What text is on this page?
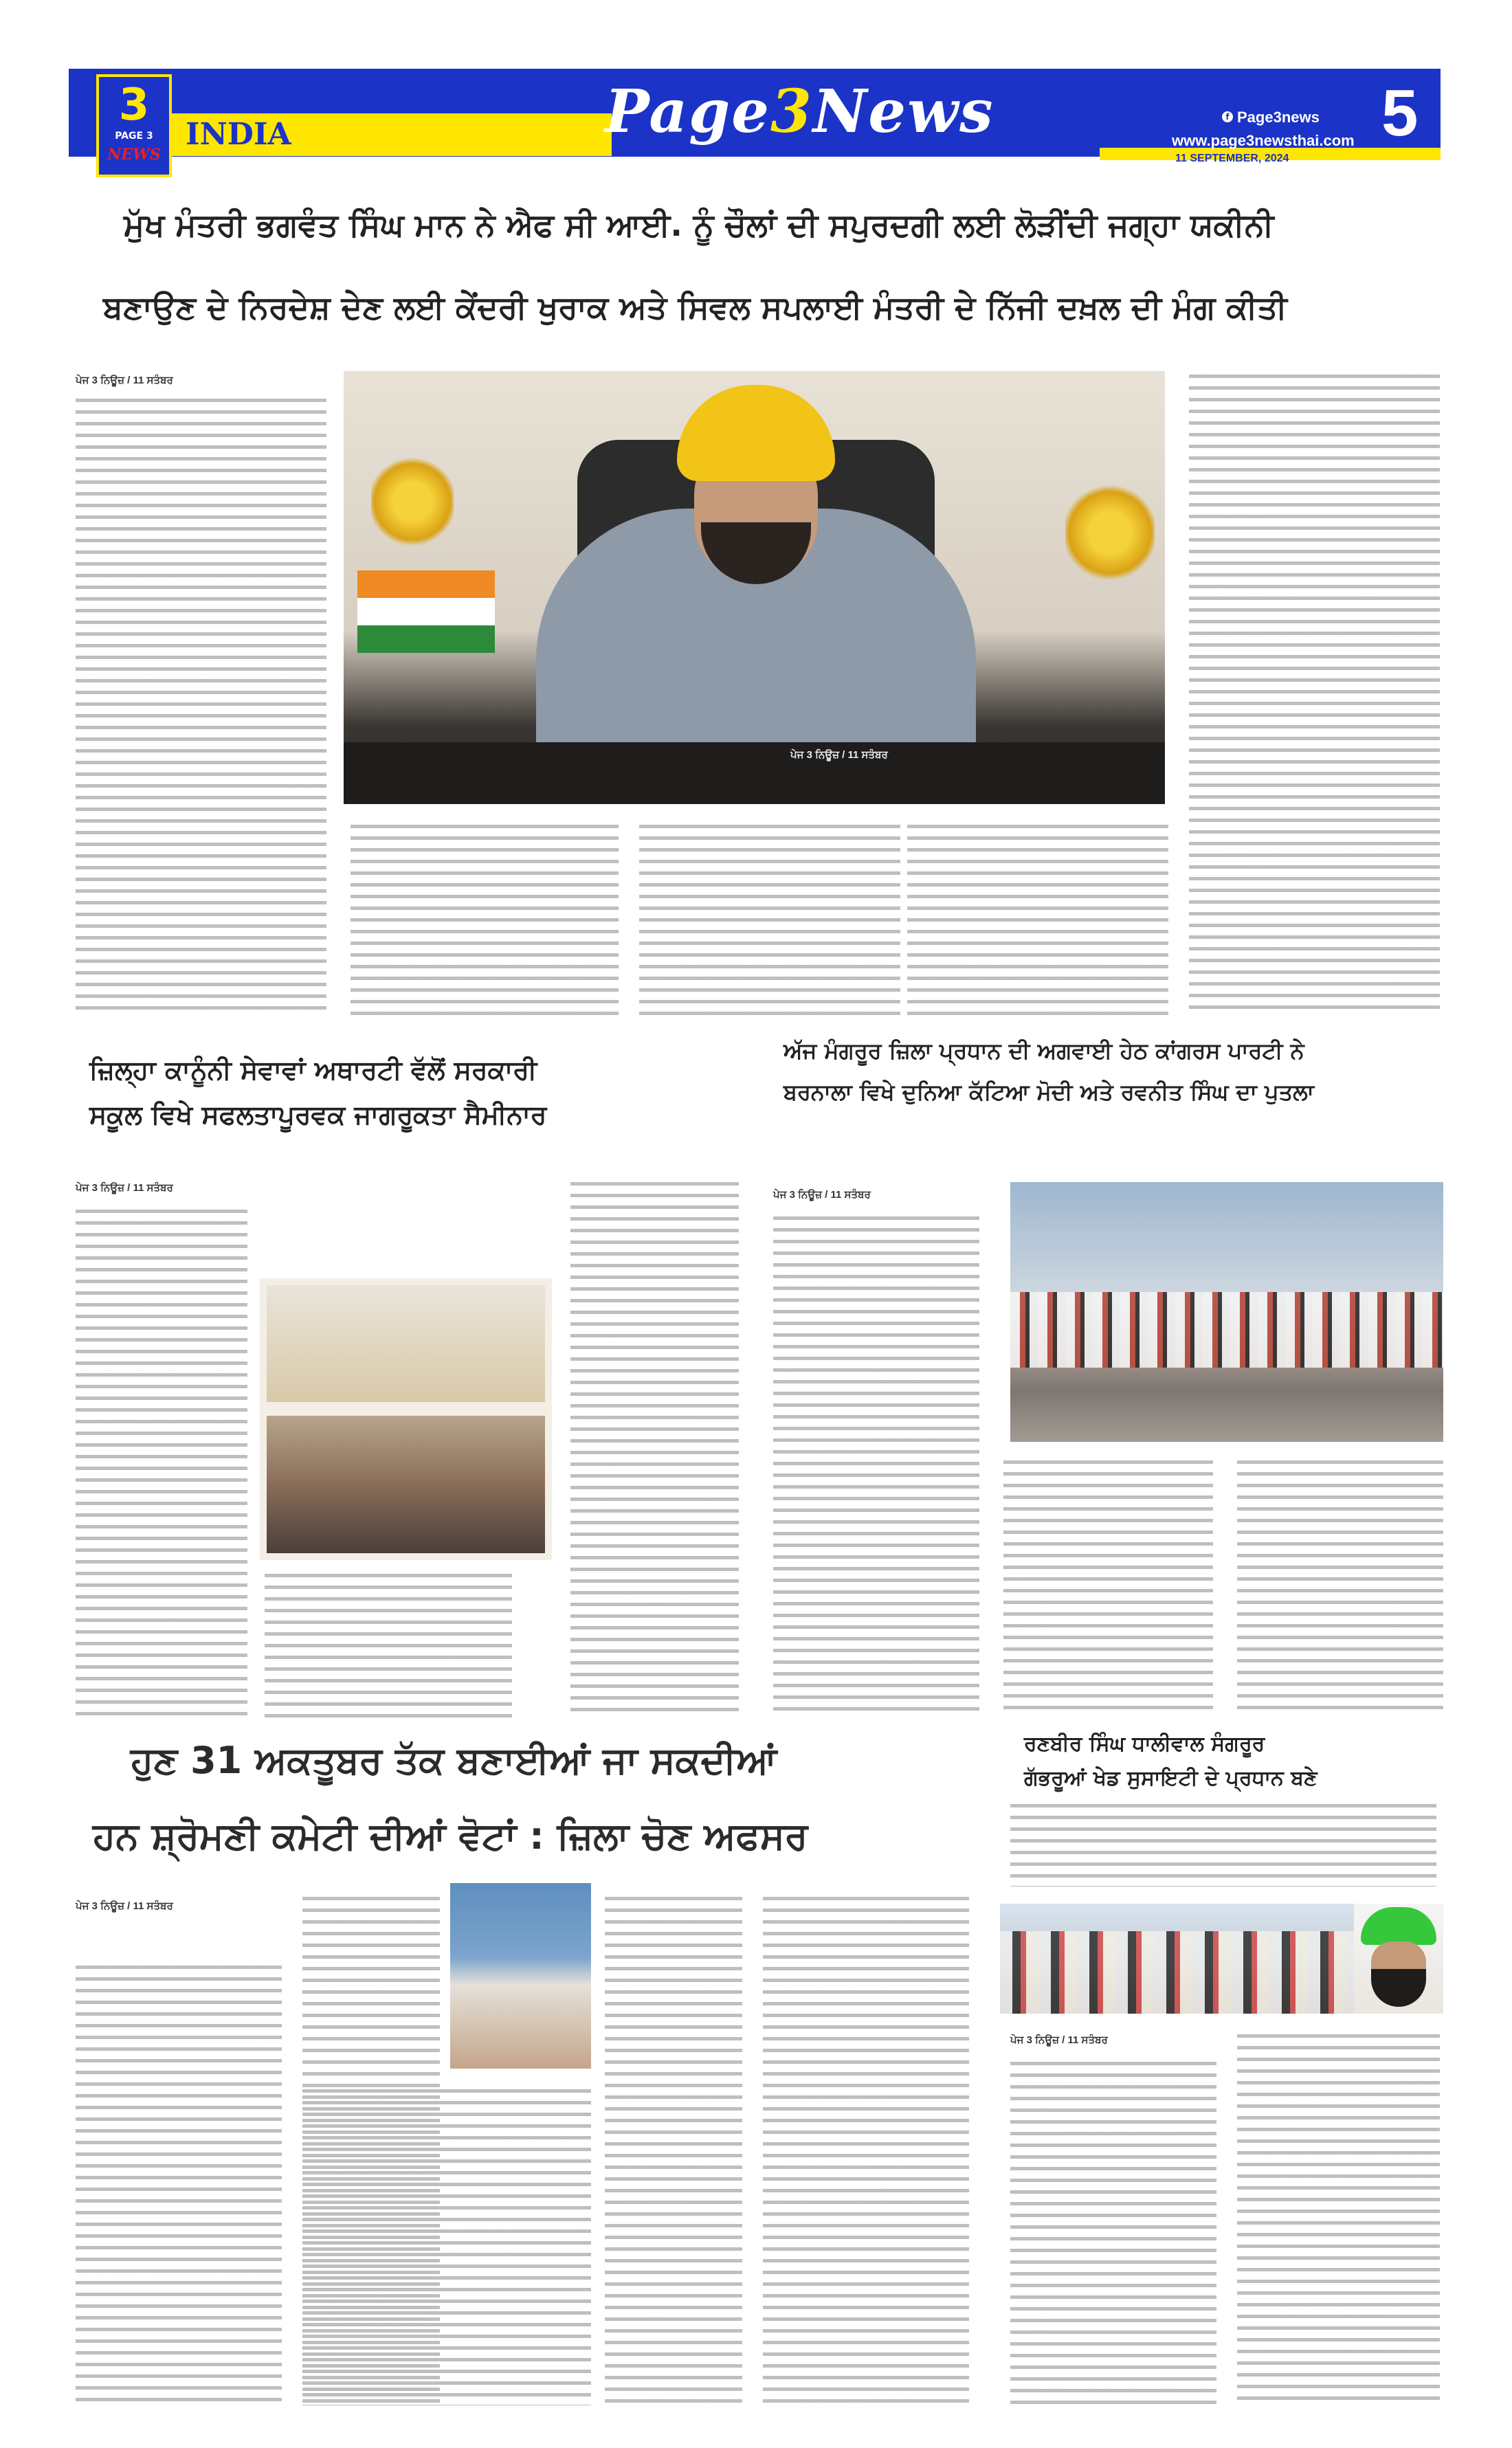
3
PAGE 3
NEWS
INDIA	Page3News	f Page3news
www.page3newsthai.com
11 SEPTEMBER, 2024
5
ਮੁੱਖ ਮੰਤਰੀ ਭਗਵੰਤ ਸਿੰਘ ਮਾਨ ਨੇ ਐਫ ਸੀ ਆਈ. ਨੂੰ ਚੌਲਾਂ ਦੀ ਸਪੁਰਦਗੀ ਲਈ ਲੋੜੀਂਦੀ ਜਗ੍ਹਾ ਯਕੀਨੀ
ਬਣਾਉਣ ਦੇ ਨਿਰਦੇਸ਼ ਦੇਣ ਲਈ ਕੇਂਦਰੀ ਖੁਰਾਕ ਅਤੇ ਸਿਵਲ ਸਪਲਾਈ ਮੰਤਰੀ ਦੇ ਨਿੱਜੀ ਦਖ਼ਲ ਦੀ ਮੰਗ ਕੀਤੀ
ਪੇਜ 3 ਨਿਊਜ਼ / 11 ਸਤੰਬਰ
ਪੇਜ 3 ਨਿਊਜ਼ / 11 ਸਤੰਬਰ
ਜ਼ਿਲ੍ਹਾ ਕਾਨੂੰਨੀ ਸੇਵਾਵਾਂ ਅਥਾਰਟੀ ਵੱਲੋਂ ਸਰਕਾਰੀ
ਸਕੂਲ ਵਿਖੇ ਸਫਲਤਾਪੂਰਵਕ ਜਾਗਰੂਕਤਾ ਸੈਮੀਨਾਰ
ਪੇਜ 3 ਨਿਊਜ਼ / 11 ਸਤੰਬਰ
ਅੱਜ ਮੰਗਰੂਰ ਜ਼ਿਲਾ ਪ੍ਰਧਾਨ ਦੀ ਅਗਵਾਈ ਹੇਠ ਕਾਂਗਰਸ ਪਾਰਟੀ ਨੇ
ਬਰਨਾਲਾ ਵਿਖੇ ਦੁਨਿਆ ਕੱਟਿਆ ਮੋਦੀ ਅਤੇ ਰਵਨੀਤ ਸਿੰਘ ਦਾ ਪੁਤਲਾ
ਪੇਜ 3 ਨਿਊਜ਼ / 11 ਸਤੰਬਰ
ਹੁਣ 31 ਅਕਤੂਬਰ ਤੱਕ ਬਣਾਈਆਂ ਜਾ ਸਕਦੀਆਂ
ਹਨ ਸ਼੍ਰੋਮਣੀ ਕਮੇਟੀ ਦੀਆਂ ਵੋਟਾਂ : ਜ਼ਿਲਾ ਚੋਣ ਅਫਸਰ
ਪੇਜ 3 ਨਿਊਜ਼ / 11 ਸਤੰਬਰ
ਰਣਬੀਰ ਸਿੰਘ ਧਾਲੀਵਾਲ ਸੰਗਰੂਰ
ਗੱਭਰੂਆਂ ਖੇਡ ਸੁਸਾਇਟੀ ਦੇ ਪ੍ਰਧਾਨ ਬਣੇ
ਪੇਜ 3 ਨਿਊਜ਼ / 11 ਸਤੰਬਰ
